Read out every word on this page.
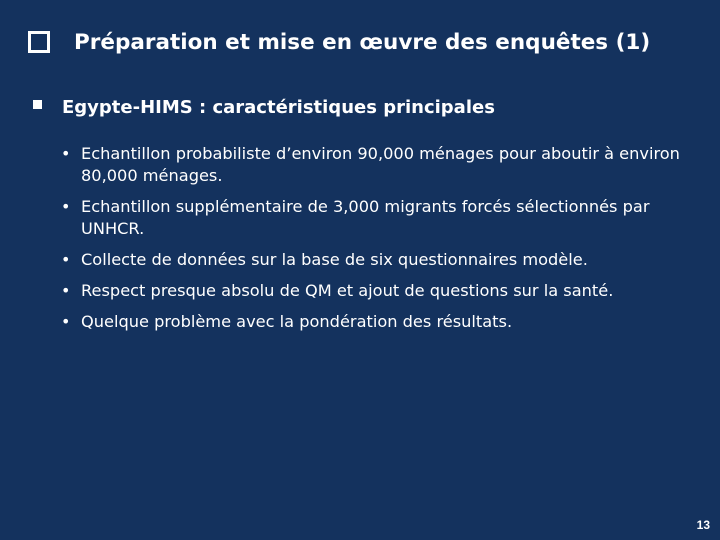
Préparation et mise en œuvre des enquêtes (1)
Egypte-HIMS : caractéristiques principales
• Echantillon probabiliste d’environ 90,000 ménages pour aboutir à environ 80,000 ménages.
• Echantillon supplémentaire de 3,000 migrants forcés sélectionnés par UNHCR.
• Collecte de données sur la base de six questionnaires modèle.
• Respect presque absolu de QM et ajout de questions sur la santé.
• Quelque problème avec la pondération des résultats.
13
